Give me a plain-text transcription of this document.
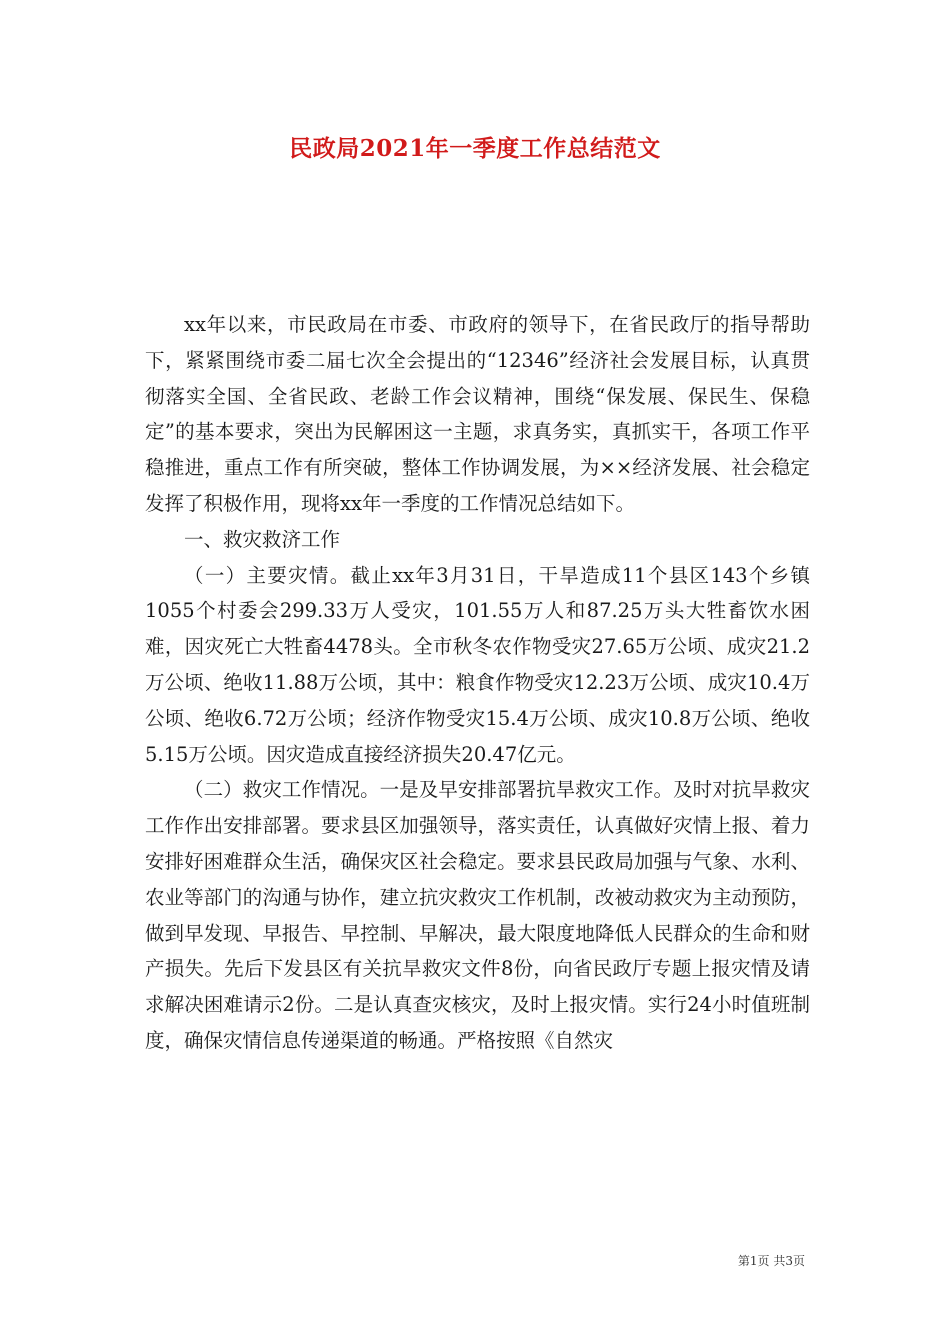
民政局2021年一季度工作总结范文

xx年以来，市民政局在市委、市政府的领导下，在省民政厅的指导帮助下，紧紧围绕市委二届七次全会提出的“12346”经济社会发展目标，认真贯彻落实全国、全省民政、老龄工作会议精神，围绕“保发展、保民生、保稳定”的基本要求，突出为民解困这一主题，求真务实，真抓实干，各项工作平稳推进，重点工作有所突破，整体工作协调发展，为××经济发展、社会稳定发挥了积极作用，现将xx年一季度的工作情况总结如下。

一、救灾救济工作

（一）主要灾情。截止xx年3月31日，干旱造成11个县区143个乡镇1055个村委会299.33万人受灾，101.55万人和87.25万头大牲畜饮水困难，因灾死亡大牲畜4478头。全市秋冬农作物受灾27.65万公顷、成灾21.2万公顷、绝收11.88万公顷，其中：粮食作物受灾12.23万公顷、成灾10.4万公顷、绝收6.72万公顷；经济作物受灾15.4万公顷、成灾10.8万公顷、绝收5.15万公顷。因灾造成直接经济损失20.47亿元。

（二）救灾工作情况。一是及早安排部署抗旱救灾工作。及时对抗旱救灾工作作出安排部署。要求县区加强领导，落实责任，认真做好灾情上报、着力安排好困难群众生活，确保灾区社会稳定。要求县民政局加强与气象、水利、农业等部门的沟通与协作，建立抗灾救灾工作机制，改被动救灾为主动预防，做到早发现、早报告、早控制、早解决，最大限度地降低人民群众的生命和财产损失。先后下发县区有关抗旱救灾文件8份，向省民政厅专题上报灾情及请求解决困难请示2份。二是认真查灾核灾，及时上报灾情。实行24小时值班制度，确保灾情信息传递渠道的畅通。严格按照《自然灾

第1页 共3页
